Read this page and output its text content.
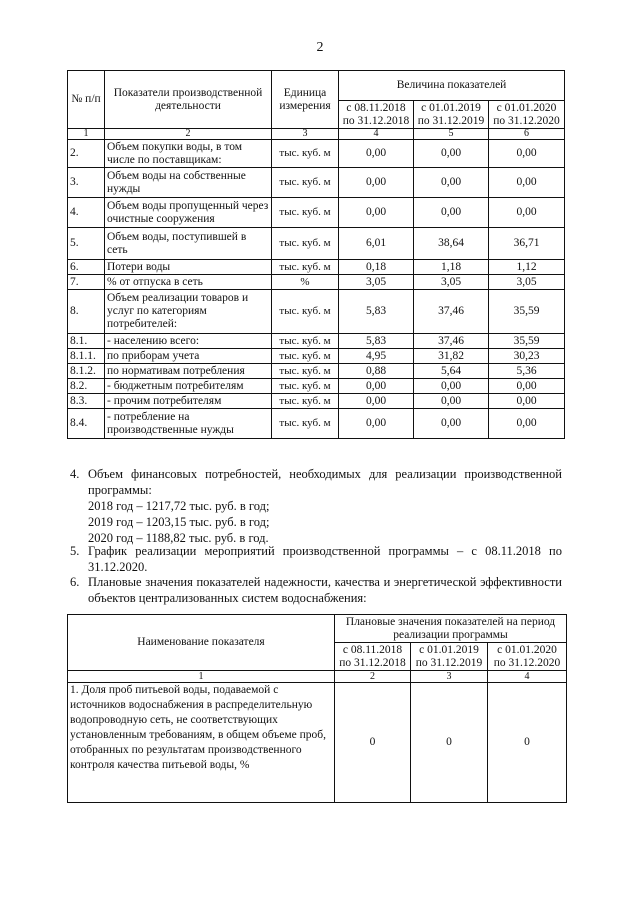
2
№ п/п	Показатели производственной деятельности	Единица измерения	Величина показателей		
			с 08.11.2018 по 31.12.2018	с 01.01.2019 по 31.12.2019	с 01.01.2020 по 31.12.2020
1	2	3	4	5	6
2.	Объем покупки воды, в том числе по поставщикам:	тыс. куб. м	0,00	0,00	0,00
3.	Объем воды на собственные нужды	тыс. куб. м	0,00	0,00	0,00
4.	Объем воды пропущенный через очистные сооружения	тыс. куб. м	0,00	0,00	0,00
5.	Объем воды, поступившей в сеть	тыс. куб. м	6,01	38,64	36,71
6.	Потери воды	тыс. куб. м	0,18	1,18	1,12
7.	% от отпуска в сеть	%	3,05	3,05	3,05
8.	Объем реализации товаров и услуг по категориям потребителей:	тыс. куб. м	5,83	37,46	35,59
8.1.	- населению всего:	тыс. куб. м	5,83	37,46	35,59
8.1.1.	по приборам учета	тыс. куб. м	4,95	31,82	30,23
8.1.2.	по нормативам потребления	тыс. куб. м	0,88	5,64	5,36
8.2.	- бюджетным потребителям	тыс. куб. м	0,00	0,00	0,00
8.3.	- прочим потребителям	тыс. куб. м	0,00	0,00	0,00
8.4.	- потребление на производственные нужды	тыс. куб. м	0,00	0,00	0,00
4. Объем финансовых потребностей, необходимых для реализации производственной программы:
2018 год – 1217,72 тыс. руб. в год;
2019 год – 1203,15 тыс. руб. в год;
2020 год – 1188,82 тыс. руб. в год.
5. График реализации мероприятий производственной программы – с 08.11.2018 по 31.12.2020.
6. Плановые значения показателей надежности, качества и энергетической эффективности объектов централизованных систем водоснабжения:
Наименование показателя	Плановые значения показателей на период реализации программы		
	с 08.11.2018 по 31.12.2018	с 01.01.2019 по 31.12.2019	с 01.01.2020 по 31.12.2020
1	2	3	4
1. Доля проб питьевой воды, подаваемой с источников водоснабжения в распределительную водопроводную сеть, не соответствующих установленным требованиям, в общем объеме проб, отобранных по результатам производственного контроля качества питьевой воды, %	0	0	0
